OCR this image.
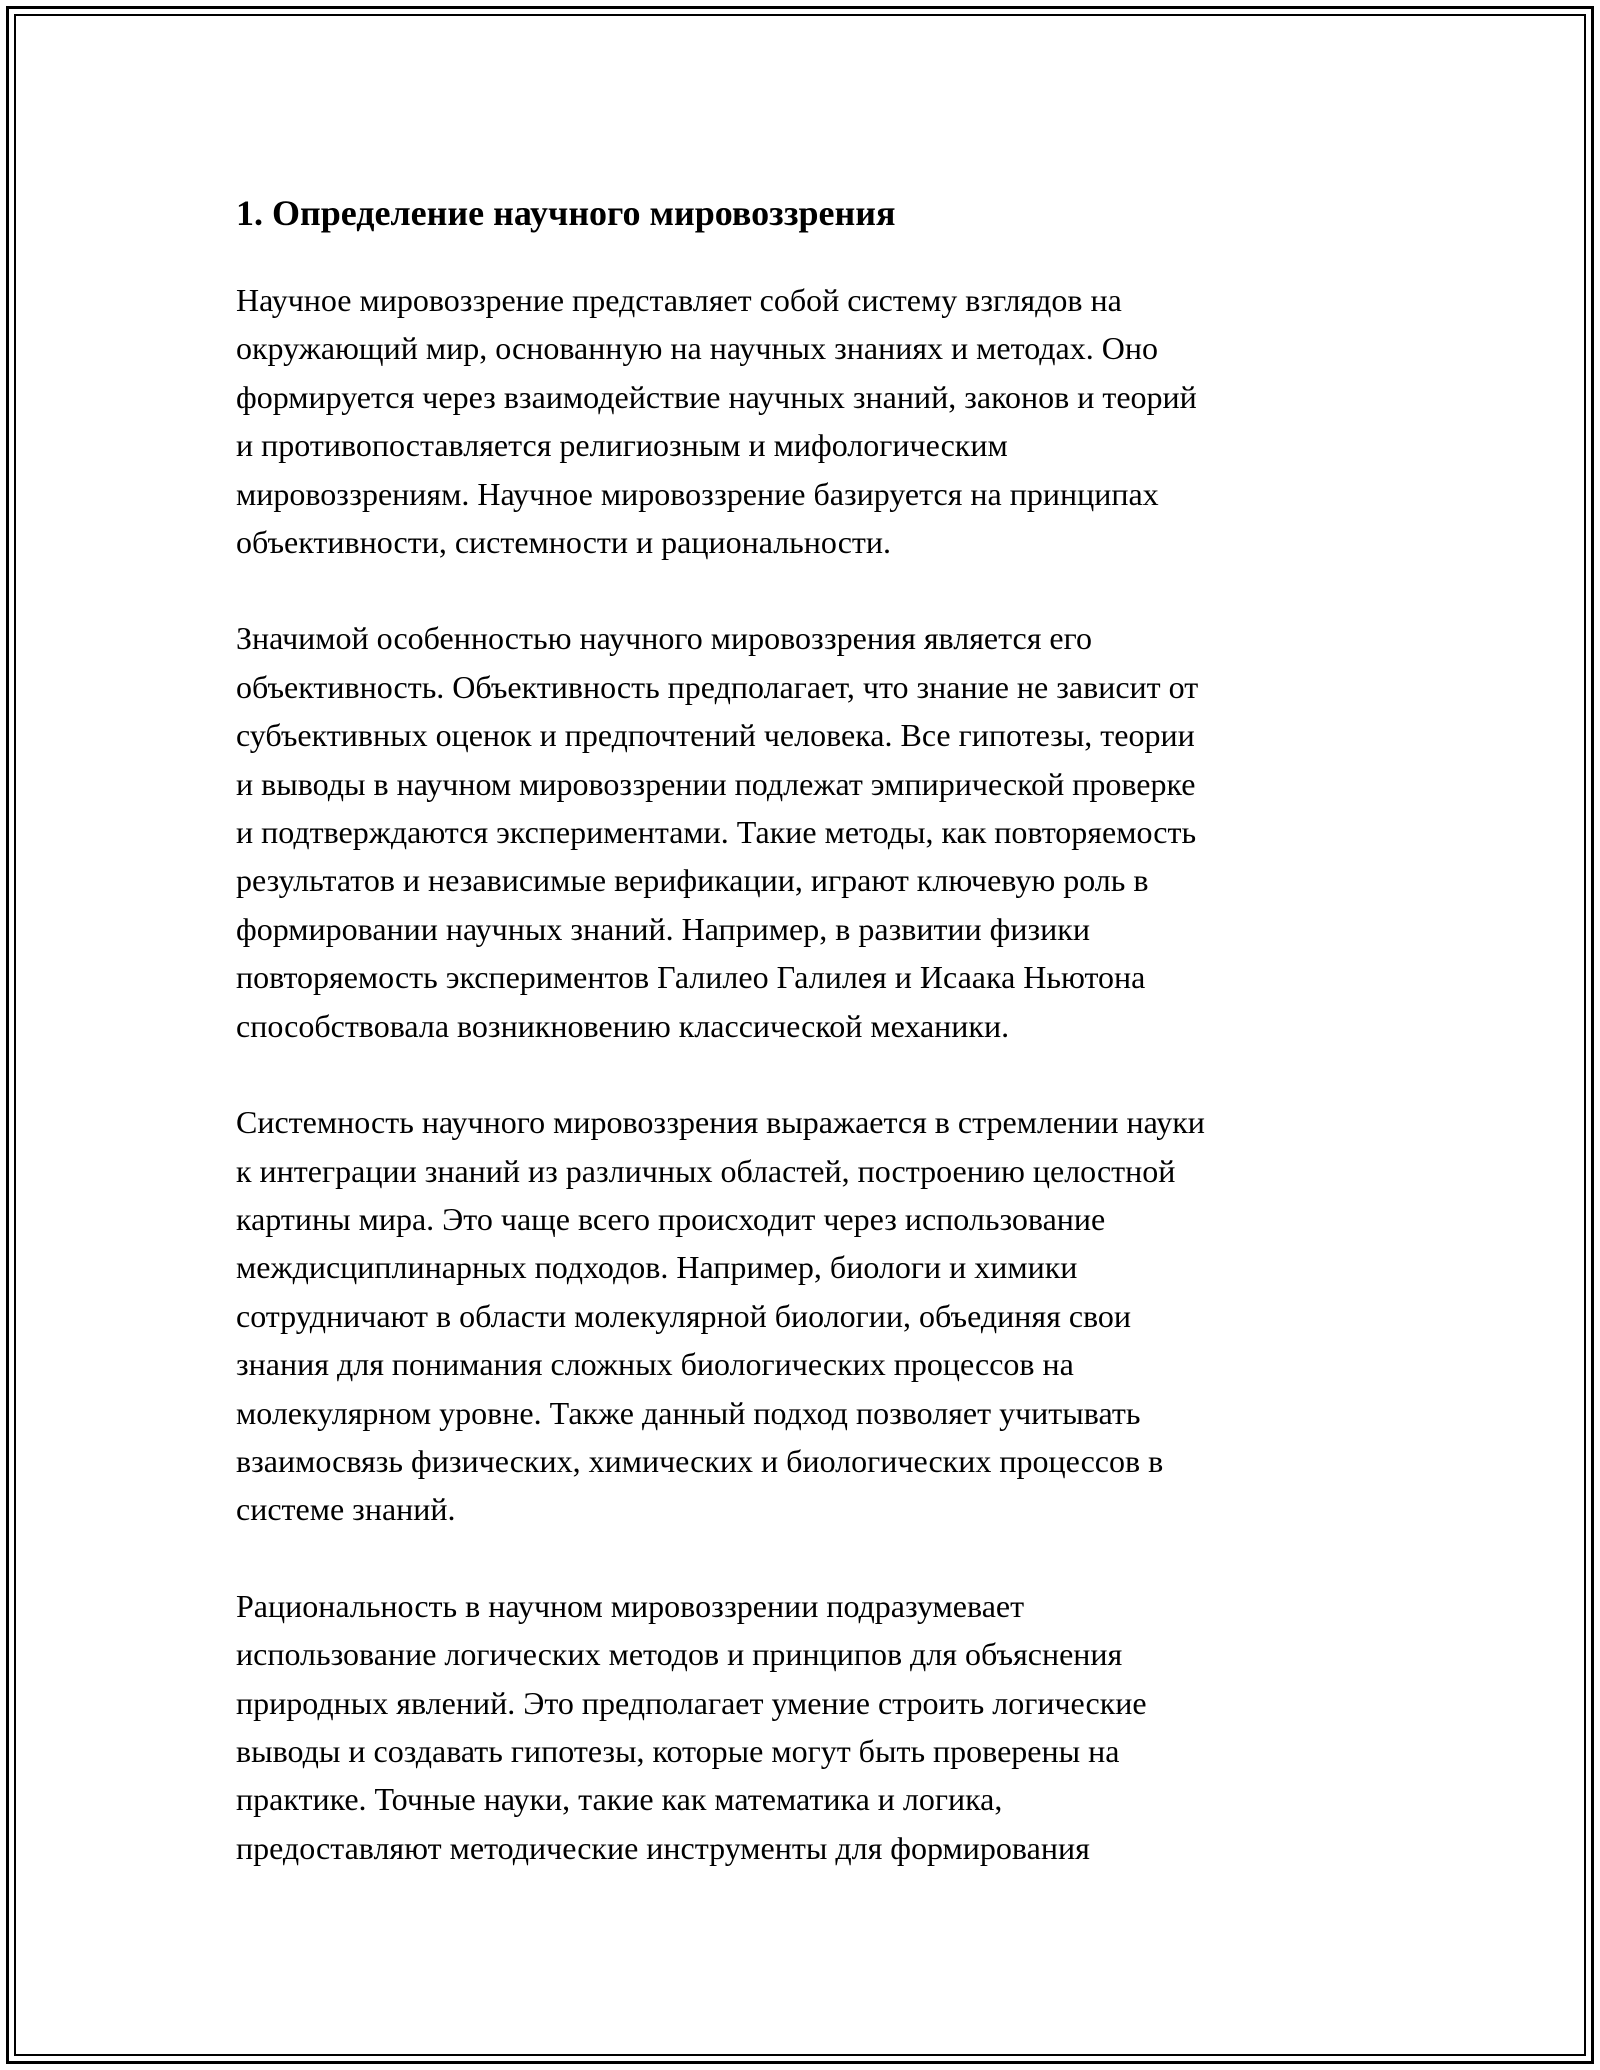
1. Определение научного мировоззрения

Научное мировоззрение представляет собой систему взглядов на
окружающий мир, основанную на научных знаниях и методах. Оно
формируется через взаимодействие научных знаний, законов и теорий
и противопоставляется религиозным и мифологическим
мировоззрениям. Научное мировоззрение базируется на принципах
объективности, системности и рациональности.

Значимой особенностью научного мировоззрения является его
объективность. Объективность предполагает, что знание не зависит от
субъективных оценок и предпочтений человека. Все гипотезы, теории
и выводы в научном мировоззрении подлежат эмпирической проверке
и подтверждаются экспериментами. Такие методы, как повторяемость
результатов и независимые верификации, играют ключевую роль в
формировании научных знаний. Например, в развитии физики
повторяемость экспериментов Галилео Галилея и Исаака Ньютона
способствовала возникновению классической механики.

Системность научного мировоззрения выражается в стремлении науки
к интеграции знаний из различных областей, построению целостной
картины мира. Это чаще всего происходит через использование
междисциплинарных подходов. Например, биологи и химики
сотрудничают в области молекулярной биологии, объединяя свои
знания для понимания сложных биологических процессов на
молекулярном уровне. Также данный подход позволяет учитывать
взаимосвязь физических, химических и биологических процессов в
системе знаний.

Рациональность в научном мировоззрении подразумевает
использование логических методов и принципов для объяснения
природных явлений. Это предполагает умение строить логические
выводы и создавать гипотезы, которые могут быть проверены на
практике. Точные науки, такие как математика и логика,
предоставляют методические инструменты для формирования
